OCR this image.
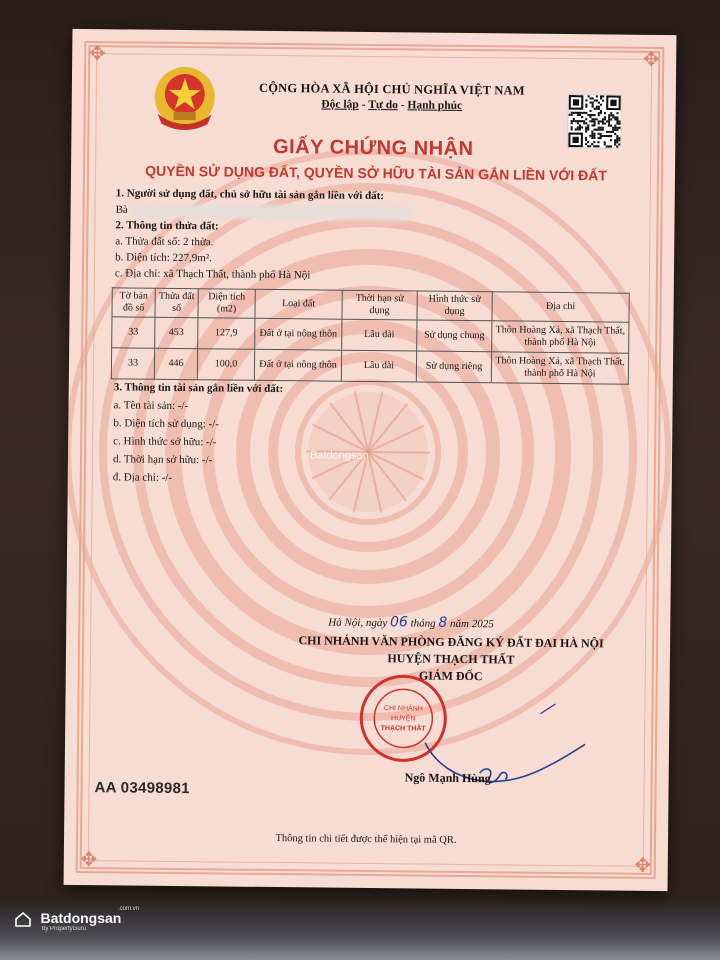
✥	✥
✥	✥
CỘNG HÒA XÃ HỘI CHỦ NGHĨA VIỆT NAM
Độc lập - Tự do - Hạnh phúc
GIẤY CHỨNG NHẬN
QUYỀN SỬ DỤNG ĐẤT, QUYỀN SỞ HỮU TÀI SẢN GẮN LIỀN VỚI ĐẤT
1. Người sử dụng đất, chủ sở hữu tài sản gắn liền với đất:
Bà
2. Thông tin thửa đất:
a. Thửa đất số: 2 thửa.
b. Diện tích: 227,9m².
c. Địa chỉ: xã Thạch Thất, thành phố Hà Nội
Tờ bản đồ số	Thửa đất số	Diện tích (m2)	Loại đất	Thời hạn sử dụng	Hình thức sử dụng	Địa chỉ
33	453	127,9	Đất ở tại nông thôn	Lâu dài	Sử dụng chung	Thôn Hoàng Xá, xã Thạch Thất, thành phố Hà Nội
33	446	100,0	Đất ở tại nông thôn	Lâu dài	Sử dụng riêng	Thôn Hoàng Xá, xã Thạch Thất, thành phố Hà Nội
3. Thông tin tài sản gắn liền với đất:
a. Tên tài sản: -/-
b. Diện tích sử dụng: -/-
c. Hình thức sở hữu: -/-
d. Thời hạn sở hữu: -/-
đ. Địa chỉ: -/-
Batdongsan
Hà Nội, ngày 06 tháng 8 năm 2025
CHI NHÁNH VĂN PHÒNG ĐĂNG KÝ ĐẤT ĐAI HÀ NỘI
HUYỆN THẠCH THẤT
GIÁM ĐỐC
CHI NHÁNH
HUYỆN
THẠCH THẤT
Ngô Mạnh Hùng
AA 03498981
Thông tin chi tiết được thể hiện tại mã QR.
Batdongsan
.com.vn
by PropertyGuru
